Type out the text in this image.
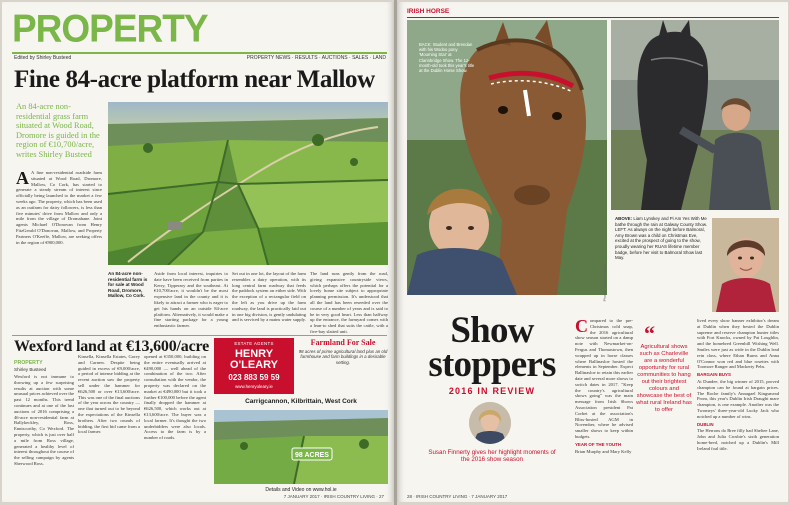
PROPERTY
Edited by Shirley Busteed	PROPERTY NEWS · RESULTS · AUCTIONS · SALES · LAND
Fine 84-acre platform near Mallow
An 84-acre non-residential grass farm situated at Wood Road, Dromore is guided in the region of €10,700/acre, writes Shirley Busteed
A A fine non-residential roadside farm situated at Wood Road, Dromore, Mallow, Co Cork, has started to generate a steady stream of interest since officially being launched to the market a few weeks ago. The property, which has been used as an outfarm for dairy followers, is less than five minutes' drive from Mallow and only a mile from the village of Dromahane. Joint agents Michael O'Donovan from Henry FitzGerald O'Donovan, Mallow, and Property Partners O'Keeffe, Mallow, are seeking offers in the region of €900,000.
An 84-acre non-residential farm is for sale at Wood Road, Dromore, Mallow, Co Cork.
Aside from local interest, inquiries to date have been received from parties in Kerry, Tipperary and the southeast. At €10,700/acre, it wouldn't be the most expensive land in the county and it is likely to attract a farmer who is eager to get his hands on an outside 84-acre platform. Alternatively, it would make a fine starting package for a young enthusiastic farmer.
Set out in one lot, the layout of the farm resembles a dairy operation, with its long central farm roadway that feeds the paddock system on either side. With the exception of a rectangular field on the left as you drive up the farm roadway, the land is practically laid out in one big division, is gently undulating and is serviced by a mains water supply.
The land runs gently from the road, giving expansive countryside views, which perhaps offers the potential for a lovely home site subject to appropriate planning permission. It's understood that all the land has been reseeded over the course of a number of years and is said to be in very good heart. Less than halfway up the entrance, the farmyard comes with a lean-to shed that suits the cattle, with a five-bay slatted unit.
Wexford land at €13,600/acre
PROPERTY
Shirley Busteed
Wexford is not immune to throwing up a few surprising results at auction with some unusual prices achieved over the past 12 months. This trend continues and at one of the last auctions of 2016 comprising a 46-acre non-residential farm at Ballykeckley, Ross, Enniscorthy, Co Wexford. The property, which is just over half a mile from Ross village, generated a healthy level of interest throughout the course of the selling campaign by agents Sherwood Ross.
Kinsella, Kinsella Estates, Gorey and Carnew. Despite being guided in excess of €9,000/acre, a period of intense bidding at the recent auction saw the property sell under the hammer for €626,500 or over €13,600/acre. This was one of the final auctions of the year across the country — one that turned out to be beyond the expectations of the Kinsella brothers. After two rounds of bidding, the first bid came from a local farmer.
opened at €350,000, building on the entire eventually arrived at €490,000 — well ahead of the combination of the two. After consultation with the vendor, the property was declared on the market at €490,000 but it took a further €100,000 before the agent finally dropped the hammer at €626,500, which works out at €13,600/acre. The buyer was a local farmer. It's thought the two underbidders were also locals. Access to the farm is by a number of roads.
ESTATE AGENTS
HENRY O'LEARY
023 883 59 59
www.henryoleary.ie
Farmland For Sale
98 acres of prime agricultural land plus an old farmhouse and farm buildings in a desirable setting.
Carrigcannon, Kilbrittain, West Cork
98 ACRES
Details and Video on www.hol.ie
7 JANUARY 2017 · IRISH COUNTRY LIVING · 27
IRISH HORSE
BACK: Student and Brendan with his Wodoo pony 'Mourning Star' at Clarinbridge Show. The 12-month-old took this year's title at the Dublin Horse Show.
Photos: Susan Finnerty
ABOVE: Liam Lynskey and Pi Am Yes With Me bathe through the rain at Galway County Show. LEFT: As always on the night before Balmoral, Amy Brown was a child on Christmas Eve, excited at the prospect of going to the show, proudly wearing her RUAS lifetime member badge, before her visit to Balmoral Show last May.
Show stoppers
2016 IN REVIEW
Susan Finnerty gives her highlight moments of the 2016 show season
Compared to the pre-Christmas cold snap, the 2016 agricultural show season started on a damp note with Newmarket-on-Fergus and Thomastown, then wrapped up in horse classes where Ballinasloe hosted the elements in September. Expect Ballinasloe to retain this earlier date and several more shows to switch dates in 2017. "Keep the country's agricultural shows going" was the main message from Irish Shows Association president Pat Corbet at the association's Bliss-hosted AGM in November, where he advised smaller shows to keep within budgets.
YEAR OF THE YOUTH
Brian Murphy and Mary Kelly
“
Agricultural shows such as Charleville are a wonderful opportunity for rural communities to hang out their brightest colours and showcase the best of what rural Ireland has to offer
lived every show banner exhibitor's dream at Dublin when they bested the Dublin supreme and reserve champion hunter titles with Fort Knocks, owned by Pat Loughlin, and the homebred Greenhill Wishing Well. Smiles were just as wide in the Dublin lead rein class, where Ethan Burns and Anna O'Connor won red and blue rosettes with Toomore Ranger and Mackerty Pebs.
BARGAIN BUYS
At Dundee, the big winner of 2015, proved champion can be found at bargain prices. The Roche family's Annagael Kingsmead Prom, this year's Dublin Irish Draught mare champion, is one example. Another was the Twomeys' three-year-old Lucky Jack who notched up a number of wins.
DUBLIN
The Herrons do Bree filly had Sheltee Lane, John and Julia Crosbie's sixth generation home-bred, notched up a Dublin's Mill Ireland foal title.
28 · IRISH COUNTRY LIVING · 7 JANUARY 2017
